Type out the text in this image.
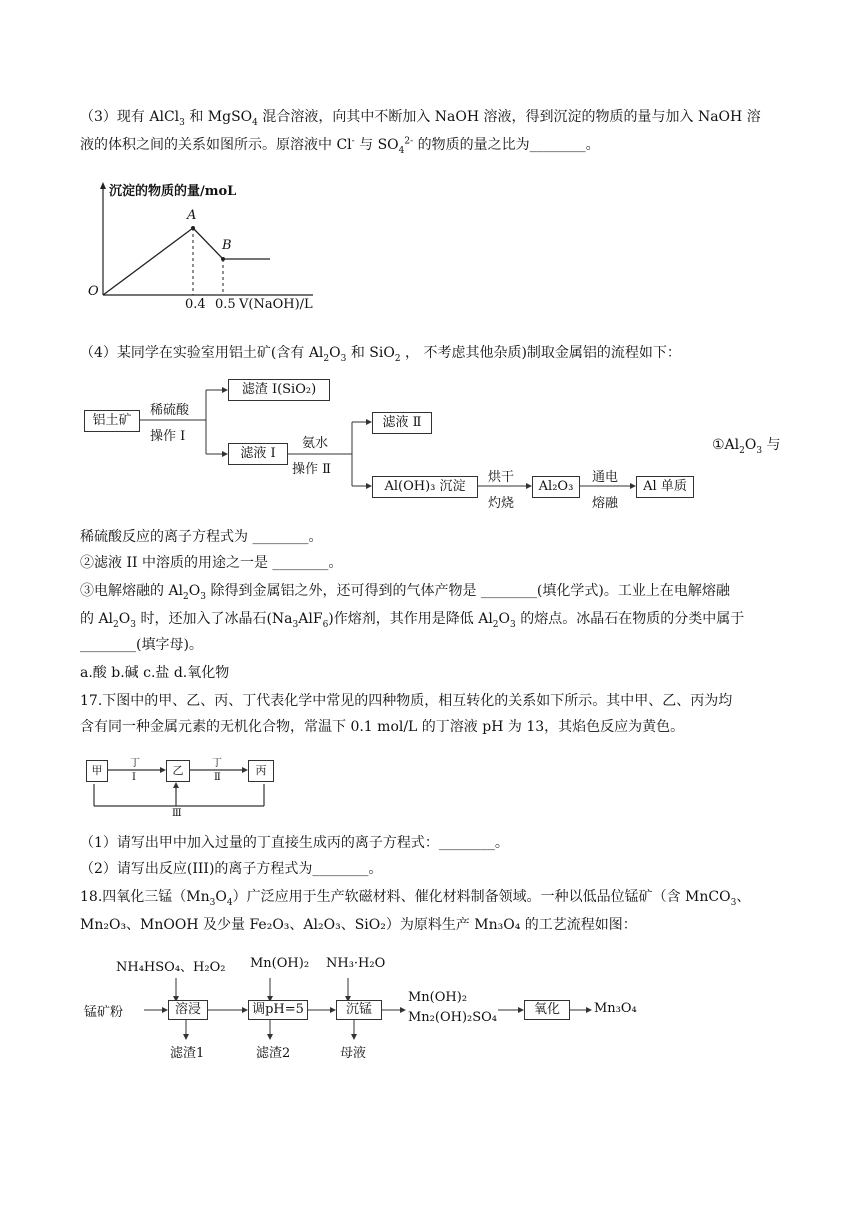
（3）现有 AlCl$_3$ 和 MgSO$_4$ 混合溶液，向其中不断加入 NaOH 溶液，得到沉淀的物质的量与加入 NaOH 溶
液的体积之间的关系如图所示。原溶液中 Cl- 与 $SO_4^{2-}$ 的物质的量之比为________。
沉淀的物质的量/moL
O
A
B
0.4 0.5 V(NaOH)/L
（4）某同学在实验室用铝土矿(含有 $Al_2O_3$ 和 SiO$_2$ ， 不考虑其他杂质)制取金属铝的流程如下：
铝土矿
稀硫酸
操作 Ⅰ
滤渣 Ⅰ(SiO₂)
滤液 Ⅰ
氨水
操作 Ⅱ
滤液 Ⅱ
Al(OH)₃ 沉淀
烘干
灼烧
Al₂O₃
通电
熔融
Al 单质
$①Al_2O_3$ 与
稀硫酸反应的离子方程式为 ________。
②滤液 II 中溶质的用途之一是 ________。
③电解熔融的 $Al_2O_3$ 除得到金属铝之外，还可得到的气体产物是 ________(填化学式)。工业上在电解熔融
的 $Al_2O_3$ 时，还加入了冰晶石$(Na_3AlF_6)$作熔剂，其作用是降低 $Al_2O_3$ 的熔点。冰晶石在物质的分类中属于
________(填字母)。
a.酸 b.碱 c.盐 d.氧化物
17.下图中的甲、乙、丙、丁代表化学中常见的四种物质，相互转化的关系如下所示。其中甲、乙、丙为均
含有同一种金属元素的无机化合物，常温下 0.1 mol/L 的丁溶液 pH 为 13，其焰色反应为黄色。
甲	乙	丙
丁
Ⅰ
丁
Ⅱ
Ⅲ
（1）请写出甲中加入过量的丁直接生成丙的离子方程式：________。
（2）请写出反应(III)的离子方程式为________。
18.四氧化三锰$(Mn_3O_4)$广泛应用于生产软磁材料、催化材料制备领域。一种以低品位锰矿（含 MnCO$_3$、
Mn₂O₃、MnOOH 及少量 Fe₂O₃、Al₂O₃、SiO₂）为原料生产 Mn₃O₄ 的工艺流程如图：
NH₄HSO₄、H₂O₂ Mn(OH)₂ NH₃·H₂O
锰矿粉	溶浸	调pH=5	沉锰
Mn(OH)₂
Mn₂(OH)₂SO₄
氧化	Mn₃O₄
滤渣1	滤渣2	母液
